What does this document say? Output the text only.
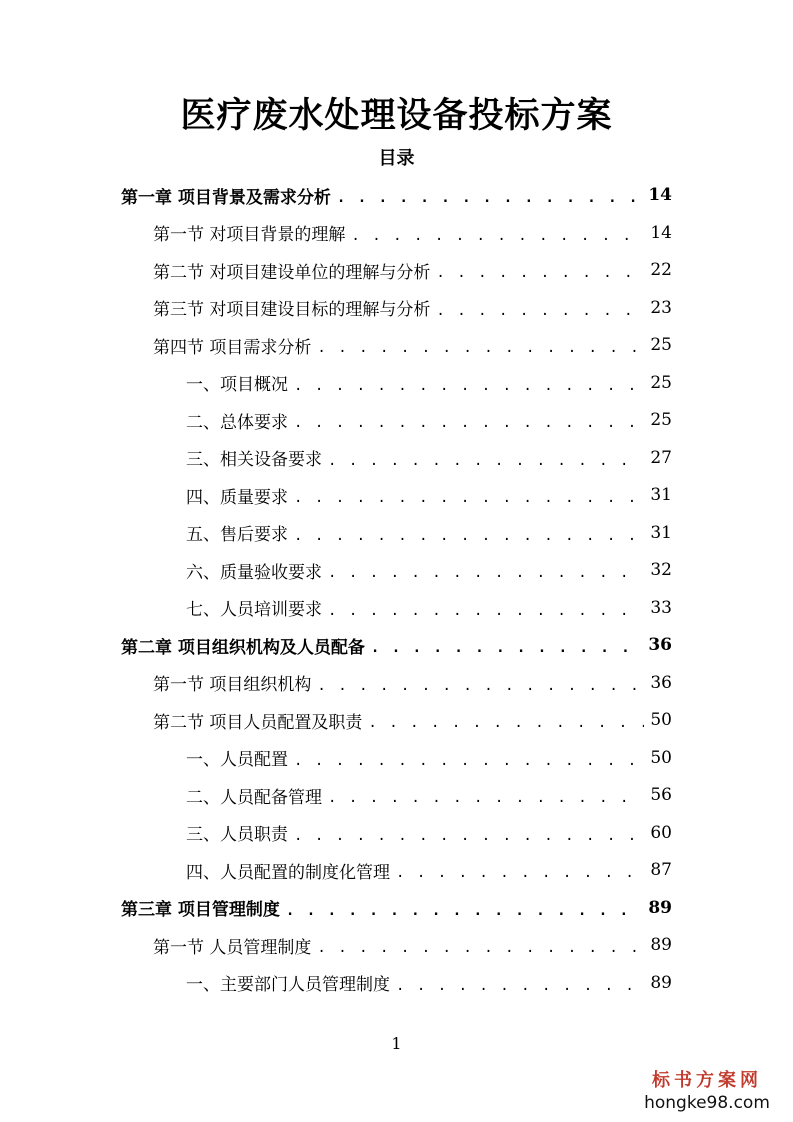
医疗废水处理设备投标方案
目录
第一章 项目背景及需求分析 . . .	14
第一节 对项目背景的理解 . . .	14
第二节 对项目建设单位的理解与分析 . . .	22
第三节 对项目建设目标的理解与分析 . . .	23
第四节 项目需求分析 . . .	25
一、项目概况 . . .	25
二、总体要求 . . .	25
三、相关设备要求 . . .	27
四、质量要求 . . .	31
五、售后要求 . . .	31
六、质量验收要求 . . .	32
七、人员培训要求 . . .	33
第二章 项目组织机构及人员配备 . . .	36
第一节 项目组织机构 . . .	36
第二节 项目人员配置及职责 . . .	50
一、人员配置 . . .	50
二、人员配备管理 . . .	56
三、人员职责 . . .	60
四、人员配置的制度化管理 . . .	87
第三章 项目管理制度 . . .	89
第一节 人员管理制度 . . .	89
一、主要部门人员管理制度 . . .	89
1
标书方案网
hongke98.com
